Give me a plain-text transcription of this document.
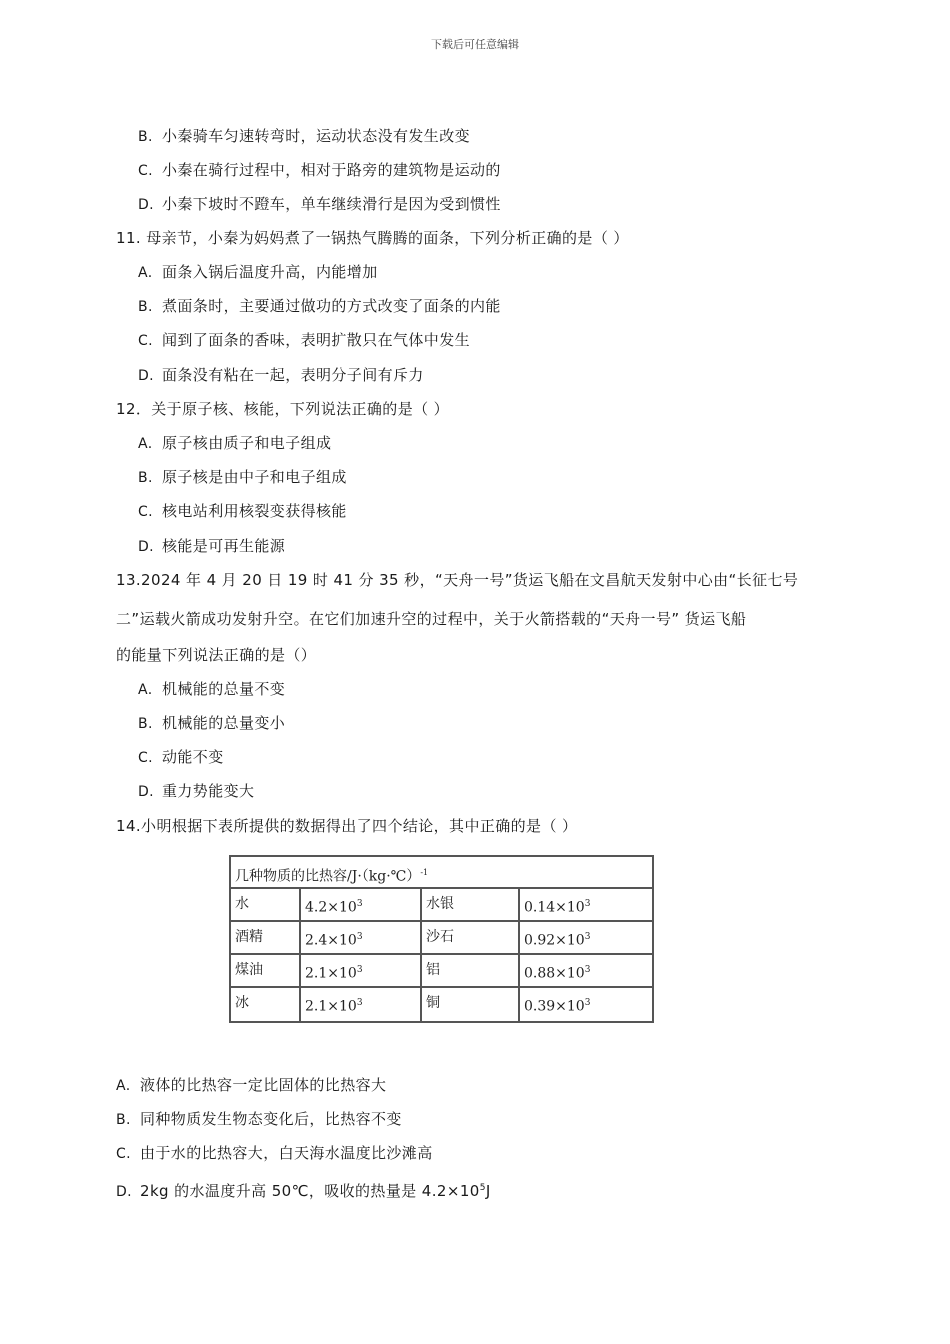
下载后可任意编辑
B. 小秦骑车匀速转弯时，运动状态没有发生改变
C. 小秦在骑行过程中，相对于路旁的建筑物是运动的
D. 小秦下坡时不蹬车，单车继续滑行是因为受到惯性
11. 母亲节，小秦为妈妈煮了一锅热气腾腾的面条，下列分析正确的是（ ）
A. 面条入锅后温度升高，内能增加
B. 煮面条时，主要通过做功的方式改变了面条的内能
C. 闻到了面条的香味，表明扩散只在气体中发生
D. 面条没有粘在一起，表明分子间有斥力
12．关于原子核、核能，下列说法正确的是（ ）
A. 原子核由质子和电子组成
B. 原子核是由中子和电子组成
C. 核电站利用核裂变获得核能
D. 核能是可再生能源
13.2024 年 4 月 20 日 19 时 41 分 35 秒，“天舟一号”货运飞船在文昌航天发射中心由“长征七号
二”运载火箭成功发射升空。在它们加速升空的过程中，关于火箭搭载的“天舟一号” 货运飞船
的能量下列说法正确的是（）
A. 机械能的总量不变
B. 机械能的总量变小
C. 动能不变
D. 重力势能变大
14.小明根据下表所提供的数据得出了四个结论，其中正确的是（ ）
几种物质的比热容/J·（kg·℃）$^{-1}$
水	$4.2\times 10^3$	水银	$0.14\times 10^3$
酒精	$2.4\times 10^3$	沙石	$0.92\times 10^3$
煤油	$2.1\times 10^3$	铝	$0.88\times 10^3$
冰	$2.1\times 10^3$	铜	$0.39\times 10^3$
A. 液体的比热容一定比固体的比热容大
B. 同种物质发生物态变化后，比热容不变
C. 由于水的比热容大，白天海水温度比沙滩高
D. 2kg 的水温度升高 50℃，吸收的热量是 $4.2\times 10^5J$
